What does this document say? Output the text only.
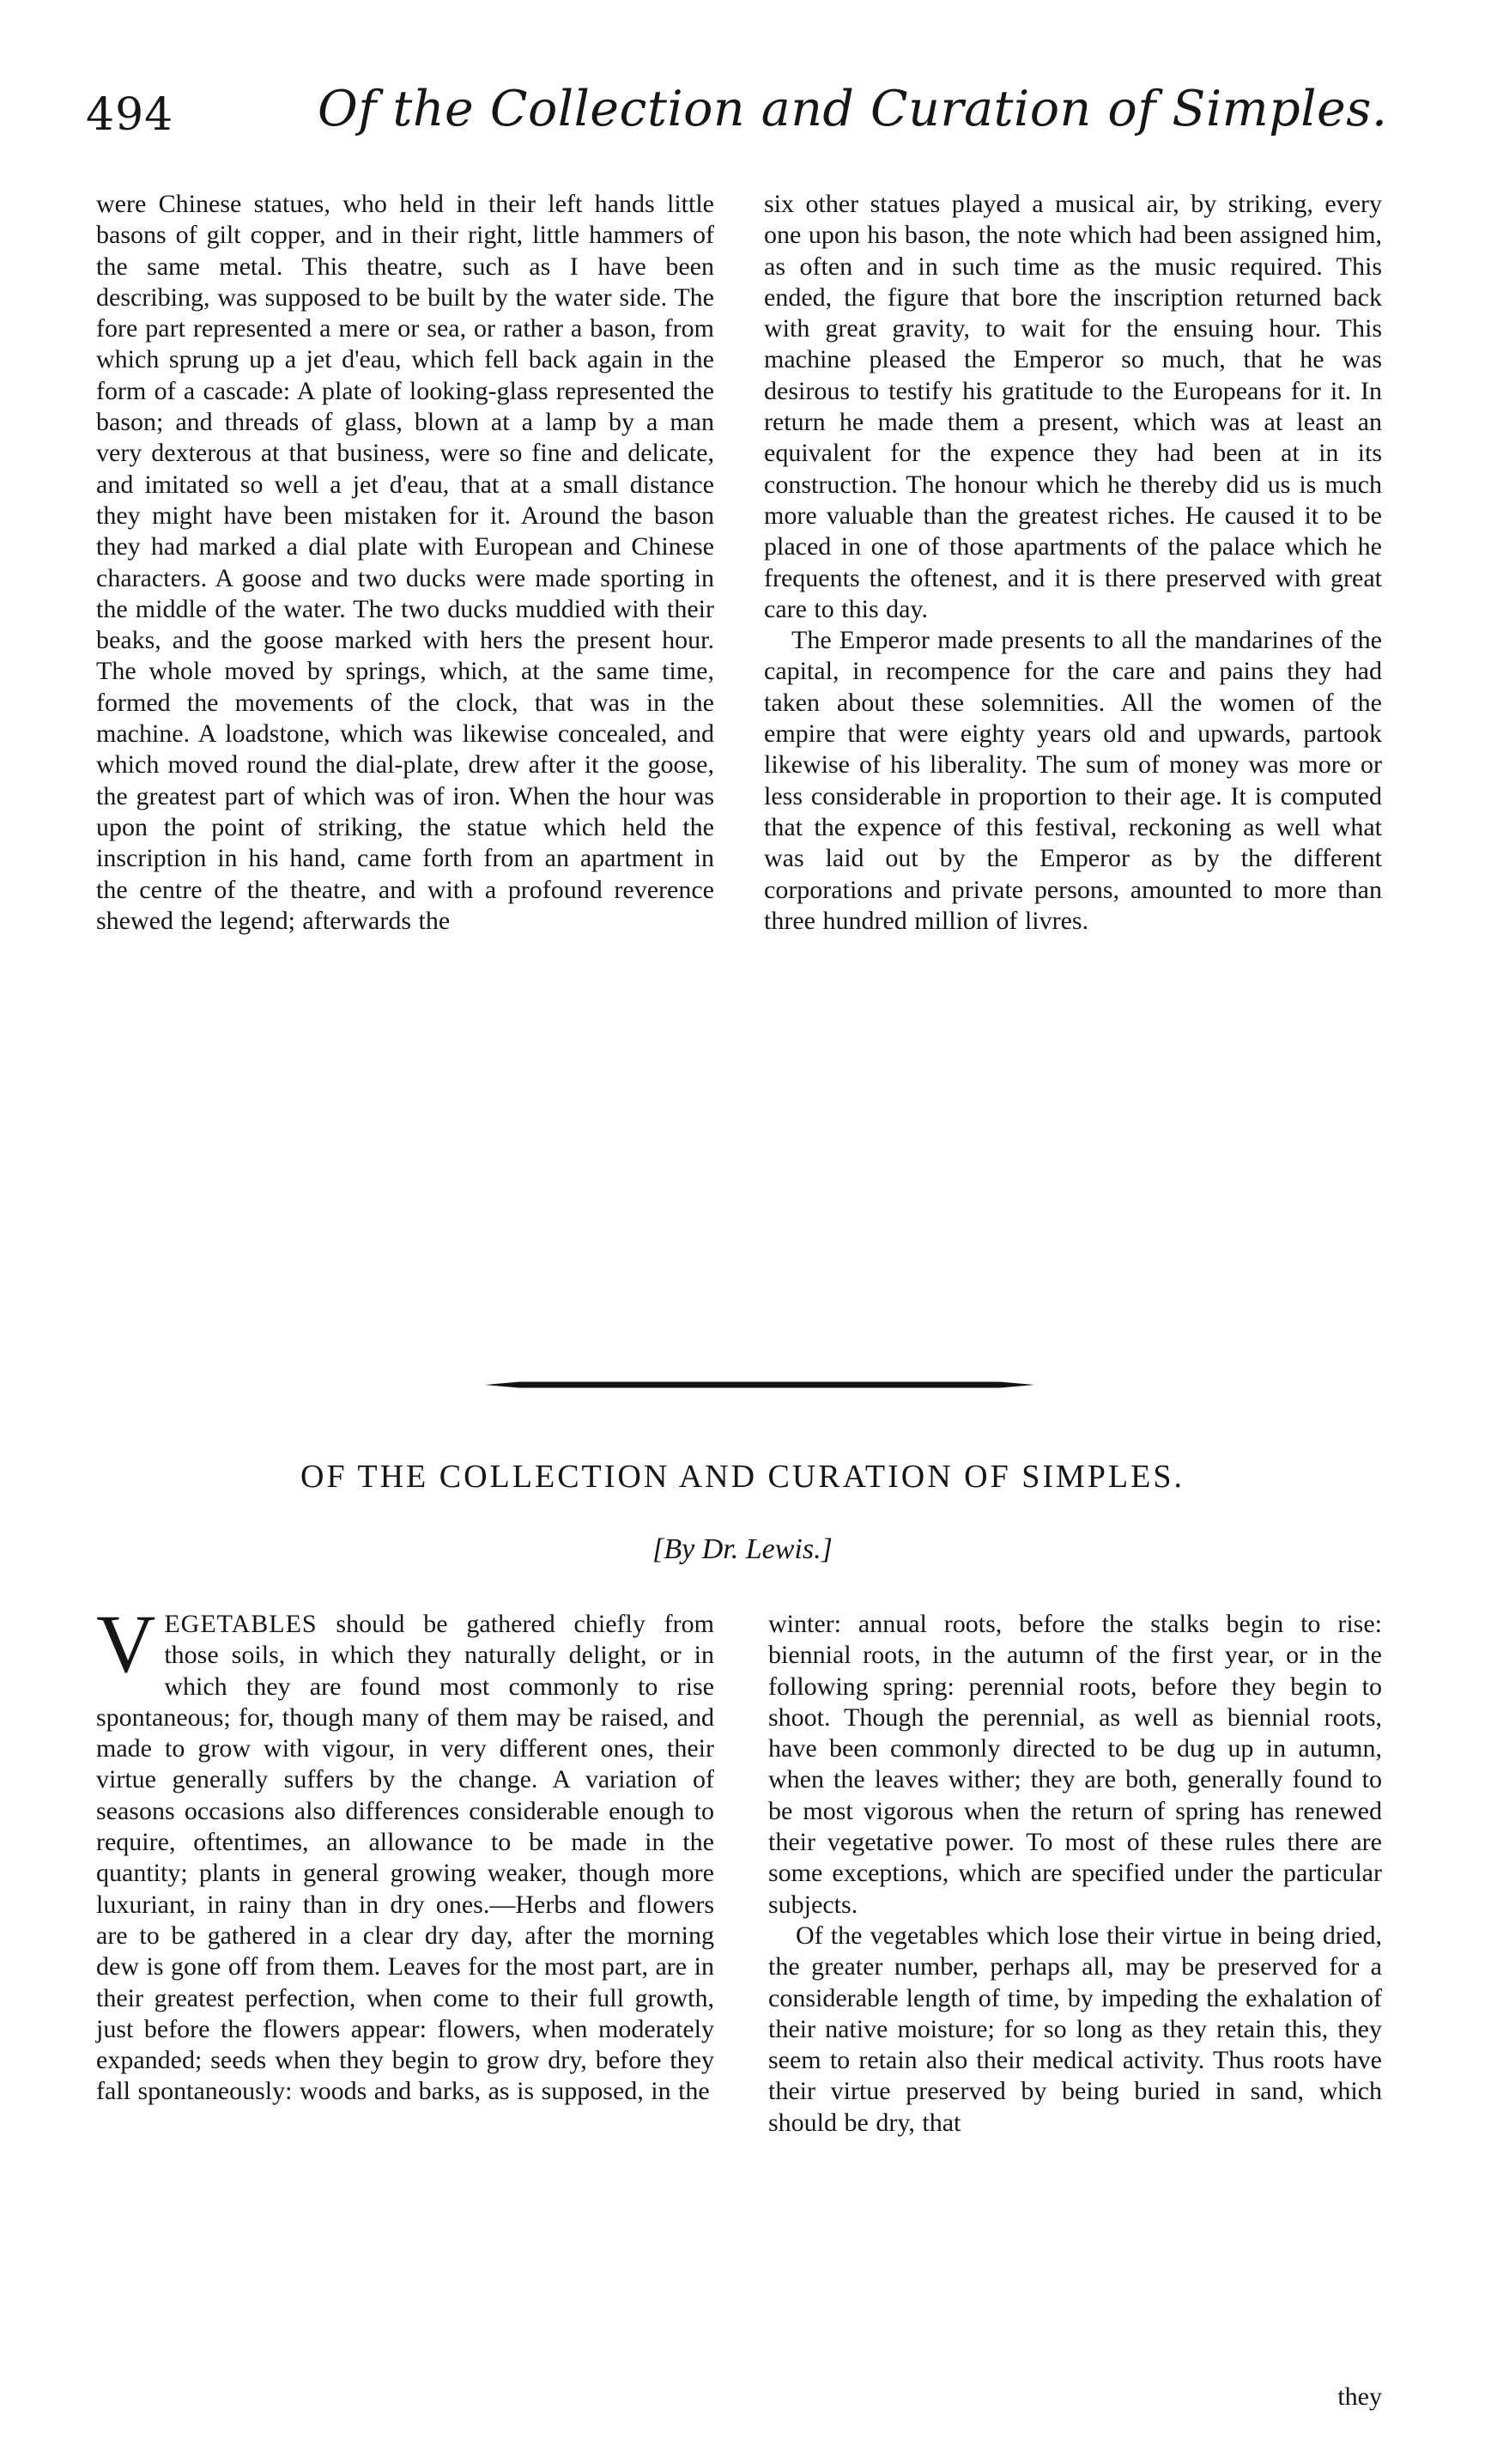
494	Of the Collection and Curation of Simples.

were Chinese statues, who held in their left hands little basons of gilt copper, and in their right, little hammers of the same metal. This theatre, such as I have been describing, was supposed to be built by the water side. The fore part represented a mere or sea, or rather a bason, from which sprung up a jet d'eau, which fell back again in the form of a cascade: A plate of looking-glass represented the bason; and threads of glass, blown at a lamp by a man very dexterous at that business, were so fine and delicate, and imitated so well a jet d'eau, that at a small distance they might have been mistaken for it. Around the bason they had marked a dial plate with European and Chinese characters. A goose and two ducks were made sporting in the middle of the water. The two ducks muddied with their beaks, and the goose marked with hers the present hour. The whole moved by springs, which, at the same time, formed the movements of the clock, that was in the machine. A loadstone, which was likewise concealed, and which moved round the dial-plate, drew after it the goose, the greatest part of which was of iron. When the hour was upon the point of striking, the statue which held the inscription in his hand, came forth from an apartment in the centre of the theatre, and with a profound reverence shewed the legend; afterwards the

six other statues played a musical air, by striking, every one upon his bason, the note which had been assigned him, as often and in such time as the music required. This ended, the figure that bore the inscription returned back with great gravity, to wait for the ensuing hour. This machine pleased the Emperor so much, that he was desirous to testify his gratitude to the Europeans for it. In return he made them a present, which was at least an equivalent for the expence they had been at in its construction. The honour which he thereby did us is much more valuable than the greatest riches. He caused it to be placed in one of those apartments of the palace which he frequents the oftenest, and it is there preserved with great care to this day.

The Emperor made presents to all the mandarines of the capital, in recompence for the care and pains they had taken about these solemnities. All the women of the empire that were eighty years old and upwards, partook likewise of his liberality. The sum of money was more or less considerable in proportion to their age. It is computed that the expence of this festival, reckoning as well what was laid out by the Emperor as by the different corporations and private persons, amounted to more than three hundred million of livres.

OF THE COLLECTION AND CURATION OF SIMPLES.
[By Dr. Lewis.]

VEGETABLES should be gathered chiefly from those soils, in which they naturally delight, or in which they are found most commonly to rise spontaneous; for, though many of them may be raised, and made to grow with vigour, in very different ones, their virtue generally suffers by the change. A variation of seasons occasions also differences considerable enough to require, oftentimes, an allowance to be made in the quantity; plants in general growing weaker, though more luxuriant, in rainy than in dry ones.—Herbs and flowers are to be gathered in a clear dry day, after the morning dew is gone off from them. Leaves for the most part, are in their greatest perfection, when come to their full growth, just before the flowers appear: flowers, when moderately expanded; seeds when they begin to grow dry, before they fall spontaneously: woods and barks, as is supposed, in the

winter: annual roots, before the stalks begin to rise: biennial roots, in the autumn of the first year, or in the following spring: perennial roots, before they begin to shoot. Though the perennial, as well as biennial roots, have been commonly directed to be dug up in autumn, when the leaves wither; they are both, generally found to be most vigorous when the return of spring has renewed their vegetative power. To most of these rules there are some exceptions, which are specified under the particular subjects.

Of the vegetables which lose their virtue in being dried, the greater number, perhaps all, may be preserved for a considerable length of time, by impeding the exhalation of their native moisture; for so long as they retain this, they seem to retain also their medical activity. Thus roots have their virtue preserved by being buried in sand, which should be dry, that

they
